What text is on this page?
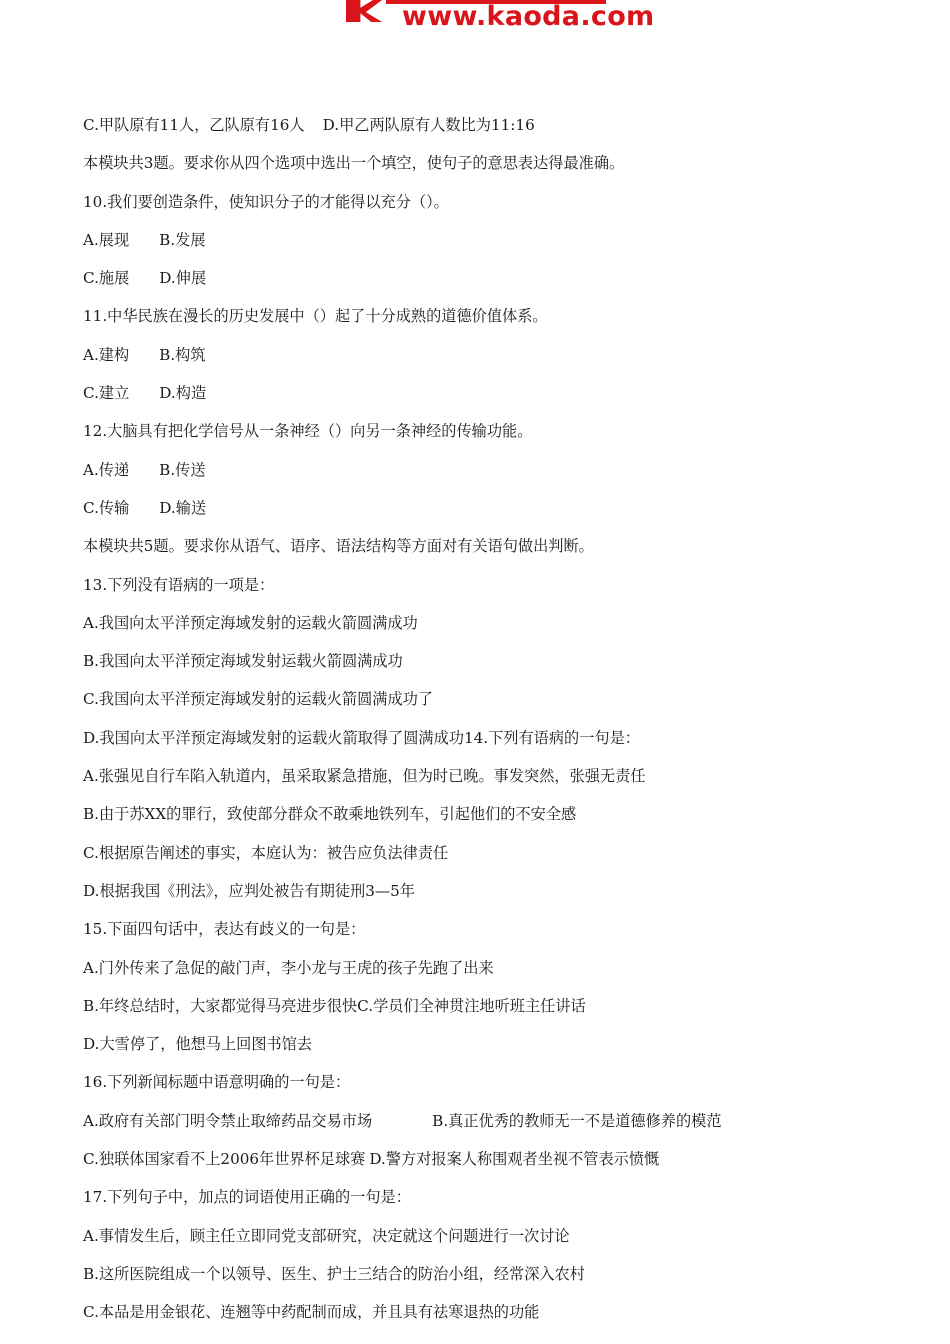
www.kaoda.com
C.甲队原有11人，乙队原有16人 D.甲乙两队原有人数比为11:16
本模块共3题。要求你从四个选项中选出一个填空，使句子的意思表达得最准确。
10.我们要创造条件，使知识分子的才能得以充分（）。
A.展现 B.发展
C.施展 D.伸展
11.中华民族在漫长的历史发展中（）起了十分成熟的道德价值体系。
A.建构 B.构筑
C.建立 D.构造
12.大脑具有把化学信号从一条神经（）向另一条神经的传输功能。
A.传递 B.传送
C.传输 D.输送
本模块共5题。要求你从语气、语序、语法结构等方面对有关语句做出判断。
13.下列没有语病的一项是：
A.我国向太平洋预定海域发射的运载火箭圆满成功
B.我国向太平洋预定海域发射运载火箭圆满成功
C.我国向太平洋预定海域发射的运载火箭圆满成功了
D.我国向太平洋预定海域发射的运载火箭取得了圆满成功14.下列有语病的一句是：
A.张强见自行车陷入轨道内，虽采取紧急措施，但为时已晚。事发突然，张强无责任
B.由于苏XX的罪行，致使部分群众不敢乘地铁列车，引起他们的不安全感
C.根据原告阐述的事实，本庭认为：被告应负法律责任
D.根据我国《刑法》，应判处被告有期徒刑3—5年
15.下面四句话中，表达有歧义的一句是：
A.门外传来了急促的敲门声，李小龙与王虎的孩子先跑了出来
B.年终总结时，大家都觉得马亮进步很快C.学员们全神贯注地听班主任讲话
D.大雪停了，他想马上回图书馆去
16.下列新闻标题中语意明确的一句是：
A.政府有关部门明令禁止取缔药品交易市场	B.真正优秀的教师无一不是道德修养的模范
C.独联体国家看不上2006年世界杯足球赛 D.警方对报案人称围观者坐视不管表示愤慨
17.下列句子中，加点的词语使用正确的一句是：
A.事情发生后，顾主任立即同党支部研究，决定就这个问题进行一次讨论
B.这所医院组成一个以领导、医生、护士三结合的防治小组，经常深入农村
C.本品是用金银花、连翘等中药配制而成，并且具有祛寒退热的功能
